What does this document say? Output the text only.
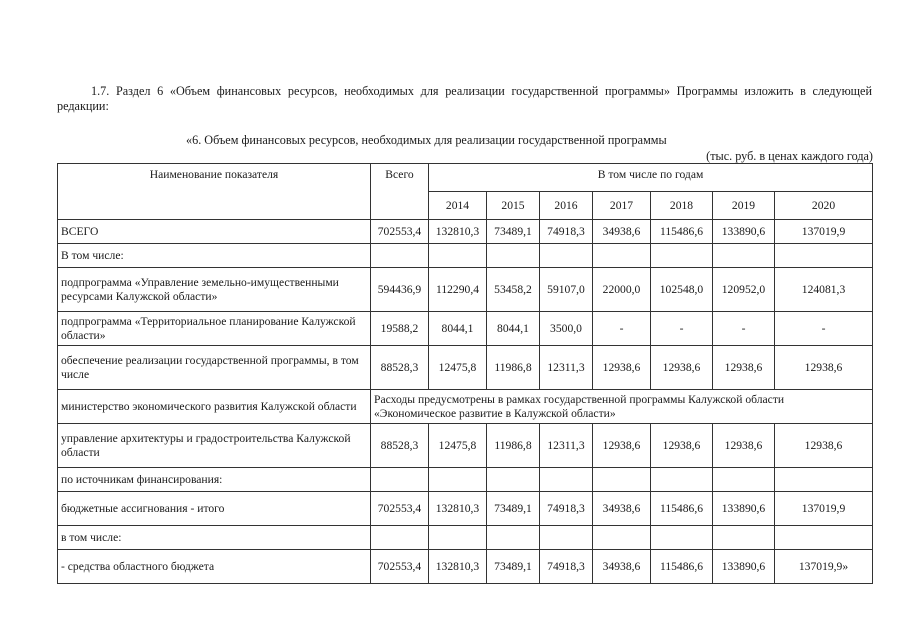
1.7. Раздел 6 «Объем финансовых ресурсов, необходимых для реализации государственной программы» Программы изложить в следующей редакции:

«6. Объем финансовых ресурсов, необходимых для реализации государственной программы

(тыс. руб. в ценах каждого года)

Наименование показателя	Всего	В том числе по годам						
		2014	2015	2016	2017	2018	2019	2020
ВСЕГО	702553,4	132810,3	73489,1	74918,3	34938,6	115486,6	133890,6	137019,9
В том числе:								
подпрограмма «Управление земельно-имущественными ресурсами Калужской области»	594436,9	112290,4	53458,2	59107,0	22000,0	102548,0	120952,0	124081,3
подпрограмма «Территориальное планирование Калужской области»	19588,2	8044,1	8044,1	3500,0	-	-	-	-
обеспечение реализации государственной программы, в том числе	88528,3	12475,8	11986,8	12311,3	12938,6	12938,6	12938,6	12938,6
министерство экономического развития Калужской области	Расходы предусмотрены в рамках государственной программы Калужской области «Экономическое развитие в Калужской области»							
управление архитектуры и градостроительства Калужской области	88528,3	12475,8	11986,8	12311,3	12938,6	12938,6	12938,6	12938,6
по источникам финансирования:								
бюджетные ассигнования - итого	702553,4	132810,3	73489,1	74918,3	34938,6	115486,6	133890,6	137019,9
в том числе:								
- средства областного бюджета	702553,4	132810,3	73489,1	74918,3	34938,6	115486,6	133890,6	137019,9»
